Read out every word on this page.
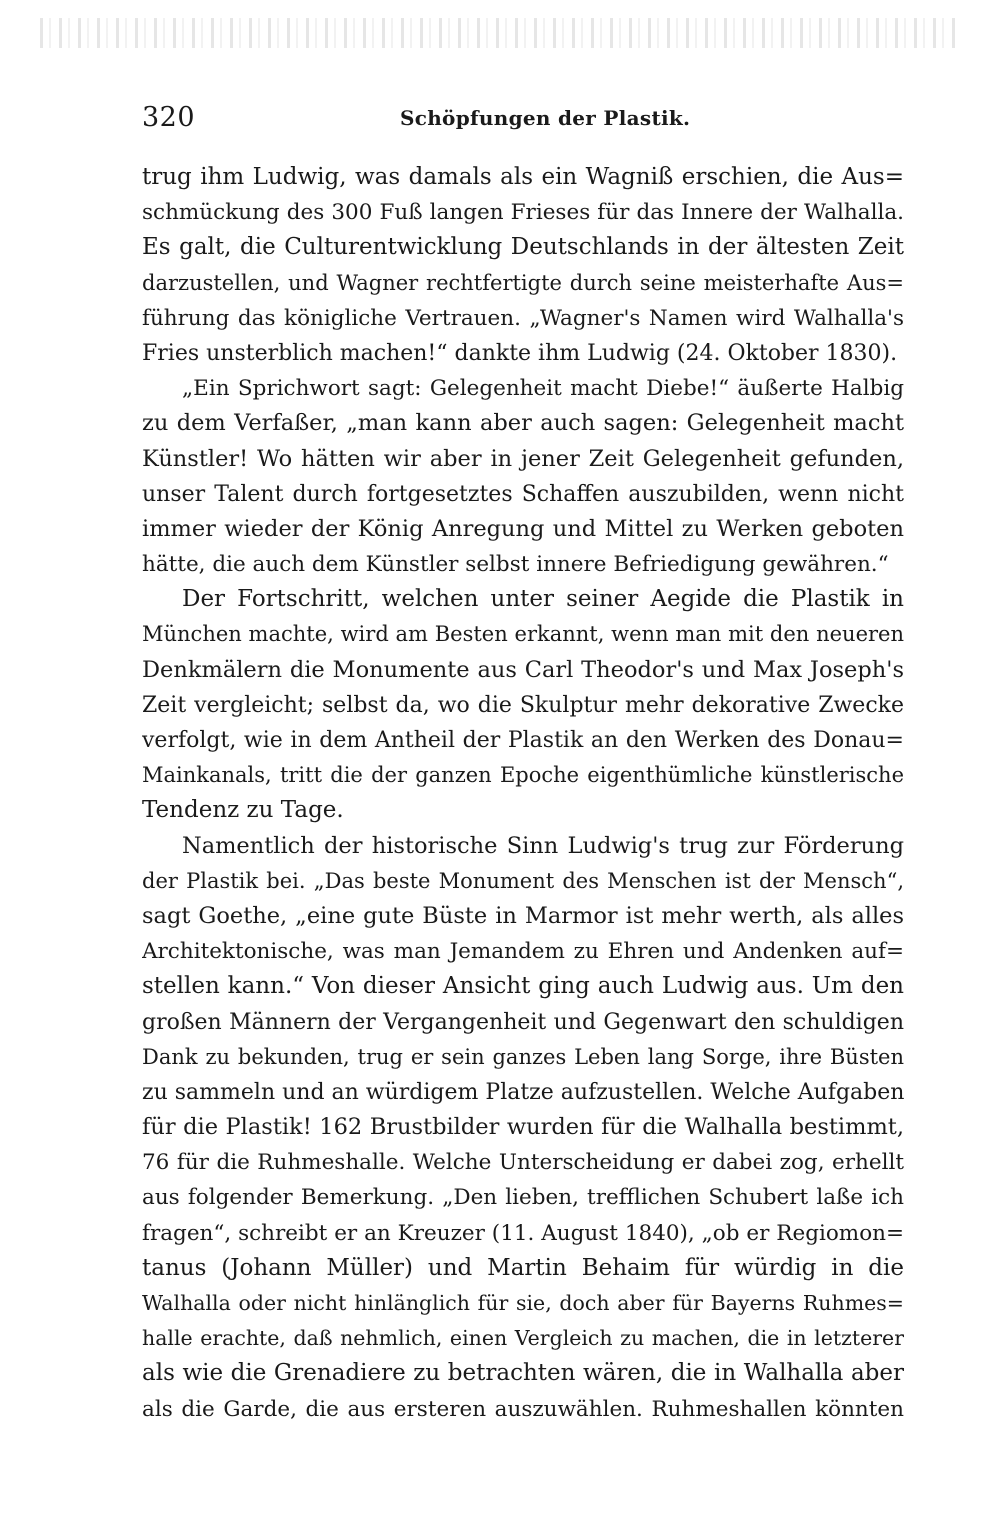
320	Schöpfungen der Plastik.
trug ihm Ludwig, was damals als ein Wagniß erschien, die Aus=
schmückung des 300 Fuß langen Frieses für das Innere der Walhalla.
Es galt, die Culturentwicklung Deutschlands in der ältesten Zeit
darzustellen, und Wagner rechtfertigte durch seine meisterhafte Aus=
führung das königliche Vertrauen. „Wagner's Namen wird Walhalla's
Fries unsterblich machen!“ dankte ihm Ludwig (24. Oktober 1830).
„Ein Sprichwort sagt: Gelegenheit macht Diebe!“ äußerte Halbig
zu dem Verfaßer, „man kann aber auch sagen: Gelegenheit macht
Künstler! Wo hätten wir aber in jener Zeit Gelegenheit gefunden,
unser Talent durch fortgesetztes Schaffen auszubilden, wenn nicht
immer wieder der König Anregung und Mittel zu Werken geboten
hätte, die auch dem Künstler selbst innere Befriedigung gewähren.“
Der Fortschritt, welchen unter seiner Aegide die Plastik in
München machte, wird am Besten erkannt, wenn man mit den neueren
Denkmälern die Monumente aus Carl Theodor's und Max Joseph's
Zeit vergleicht; selbst da, wo die Skulptur mehr dekorative Zwecke
verfolgt, wie in dem Antheil der Plastik an den Werken des Donau=
Mainkanals, tritt die der ganzen Epoche eigenthümliche künstlerische
Tendenz zu Tage.
Namentlich der historische Sinn Ludwig's trug zur Förderung
der Plastik bei. „Das beste Monument des Menschen ist der Mensch“,
sagt Goethe, „eine gute Büste in Marmor ist mehr werth, als alles
Architektonische, was man Jemandem zu Ehren und Andenken auf=
stellen kann.“ Von dieser Ansicht ging auch Ludwig aus. Um den
großen Männern der Vergangenheit und Gegenwart den schuldigen
Dank zu bekunden, trug er sein ganzes Leben lang Sorge, ihre Büsten
zu sammeln und an würdigem Platze aufzustellen. Welche Aufgaben
für die Plastik! 162 Brustbilder wurden für die Walhalla bestimmt,
76 für die Ruhmeshalle. Welche Unterscheidung er dabei zog, erhellt
aus folgender Bemerkung. „Den lieben, trefflichen Schubert laße ich
fragen“, schreibt er an Kreuzer (11. August 1840), „ob er Regiomon=
tanus (Johann Müller) und Martin Behaim für würdig in die
Walhalla oder nicht hinlänglich für sie, doch aber für Bayerns Ruhmes=
halle erachte, daß nehmlich, einen Vergleich zu machen, die in letzterer
als wie die Grenadiere zu betrachten wären, die in Walhalla aber
als die Garde, die aus ersteren auszuwählen. Ruhmeshallen könnten
